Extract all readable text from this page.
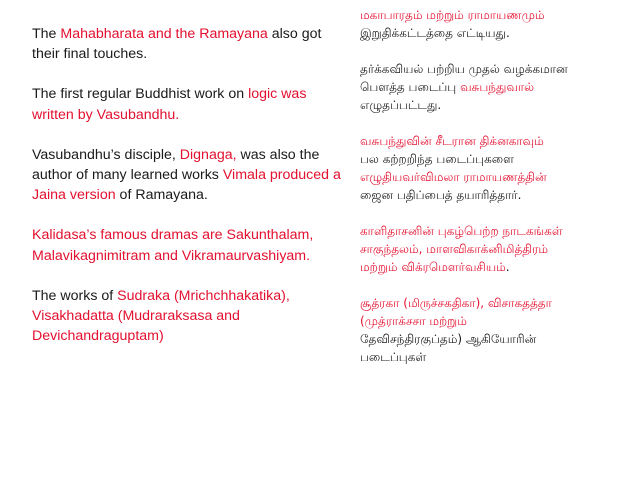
The Mahabharata and the Ramayana also got their final touches.

The first regular Buddhist work on logic was written by Vasubandhu.

Vasubandhu’s disciple, Dignaga, was also the author of many learned works Vimala produced a Jaina version of Ramayana.

Kalidasa’s famous dramas are Sakunthalam, Malavikagnimitram and Vikramaurvashiyam.

The works of Sudraka (Mrichchhakatika), Visakhadatta (Mudraraksasa and Devichandraguptam)

மகாபாரதம் மற்றும் ராமாயணமும்
இறுதிக்கட்டத்தை எட்டியது.
தர்க்கவியல் பற்றிய முதல் வழக்கமான
பௌத்த படைப்பு வசுபந்துவால்
எழுதப்பட்டது.
வசுபந்துவின் சீடரான திக்னகாவும்
பல கற்றறிந்த படைப்புகளை
எழுதியவர்விமலா ராமாயணத்தின்
ஜைன பதிப்பைத் தயாரித்தார்.
காளிதாசனின் புகழ்பெற்ற நாடகங்கள்
சாகுந்தலம், மாளவிகாக்னிமித்திரம்
மற்றும் விக்ரமௌர்வசியம்.
சூத்ரகா (மிருச்சகதிகா), விசாகதத்தா
(முத்ராக்சசா மற்றும்
தேவிசந்திரகுப்தம்) ஆகியோரின்
படைப்புகள்
